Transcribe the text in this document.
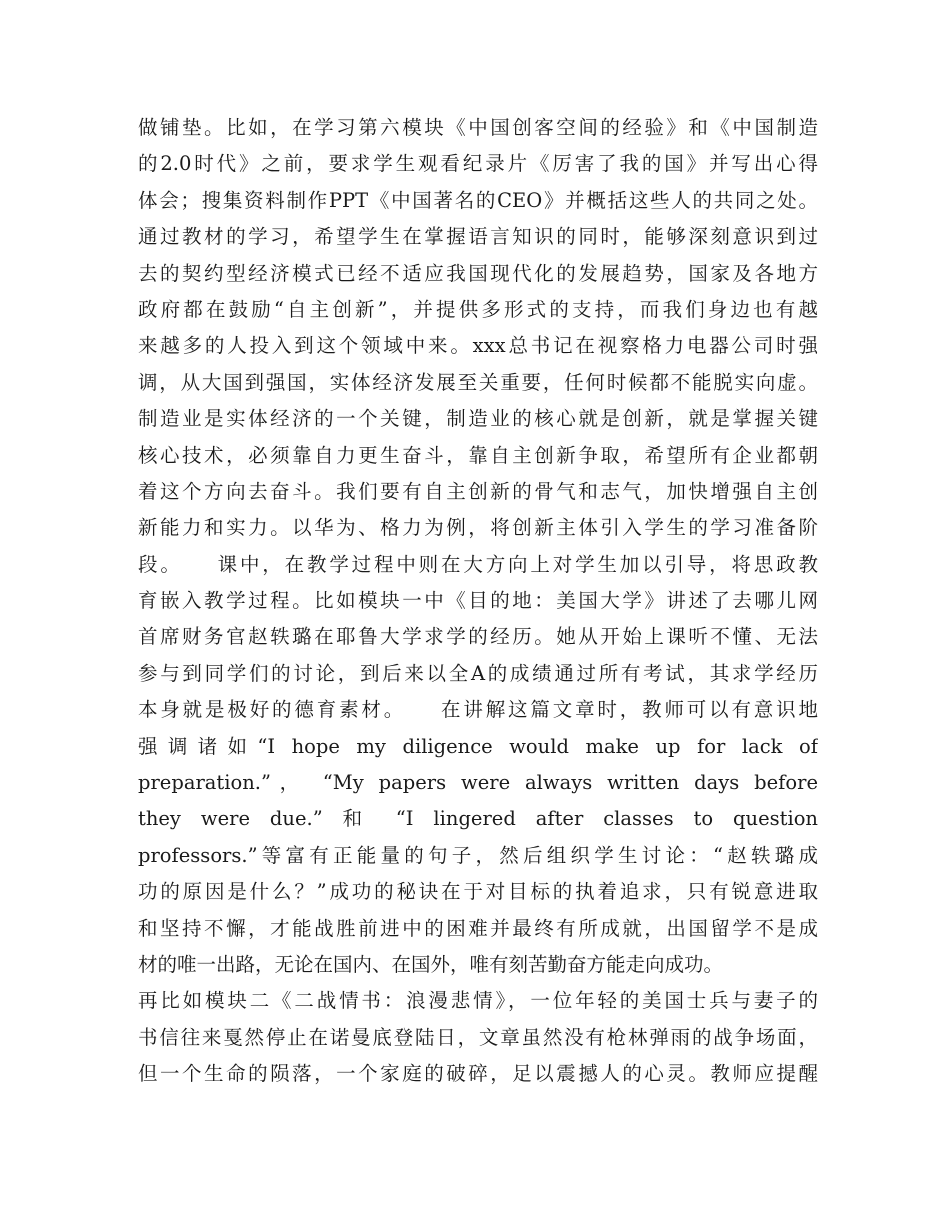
做铺垫。比如，在学习第六模块《中国创客空间的经验》和《中国制造
的2.0时代》之前，要求学生观看纪录片《厉害了我的国》并写出心得
体会；搜集资料制作PPT《中国著名的CEO》并概括这些人的共同之处。
通过教材的学习，希望学生在掌握语言知识的同时，能够深刻意识到过
去的契约型经济模式已经不适应我国现代化的发展趋势，国家及各地方
政府都在鼓励“自主创新”，并提供多形式的支持，而我们身边也有越
来越多的人投入到这个领域中来。xxx总书记在视察格力电器公司时强
调，从大国到强国，实体经济发展至关重要，任何时候都不能脱实向虚。
制造业是实体经济的一个关键，制造业的核心就是创新，就是掌握关键
核心技术，必须靠自力更生奋斗，靠自主创新争取，希望所有企业都朝
着这个方向去奋斗。我们要有自主创新的骨气和志气，加快增强自主创
新能力和实力。以华为、格力为例，将创新主体引入学生的学习准备阶
段。　　课中，在教学过程中则在大方向上对学生加以引导，将思政教
育嵌入教学过程。比如模块一中《目的地：美国大学》讲述了去哪儿网
首席财务官赵轶璐在耶鲁大学求学的经历。她从开始上课听不懂、无法
参与到同学们的讨论，到后来以全A的成绩通过所有考试，其求学经历
本身就是极好的德育素材。　　在讲解这篇文章时，教师可以有意识地
强调诸如“I hope my diligence would make up for lack of
preparation.”， “My papers were always written days before
they were due.” 和 “I lingered after classes to question
professors.”等富有正能量的句子，然后组织学生讨论：“赵轶璐成
功的原因是什么？”成功的秘诀在于对目标的执着追求，只有锐意进取
和坚持不懈，才能战胜前进中的困难并最终有所成就，出国留学不是成
材的唯一出路，无论在国内、在国外，唯有刻苦勤奋方能走向成功。
再比如模块二《二战情书：浪漫悲情》，一位年轻的美国士兵与妻子的
书信往来戛然停止在诺曼底登陆日，文章虽然没有枪林弹雨的战争场面，
但一个生命的陨落，一个家庭的破碎，足以震撼人的心灵。教师应提醒
